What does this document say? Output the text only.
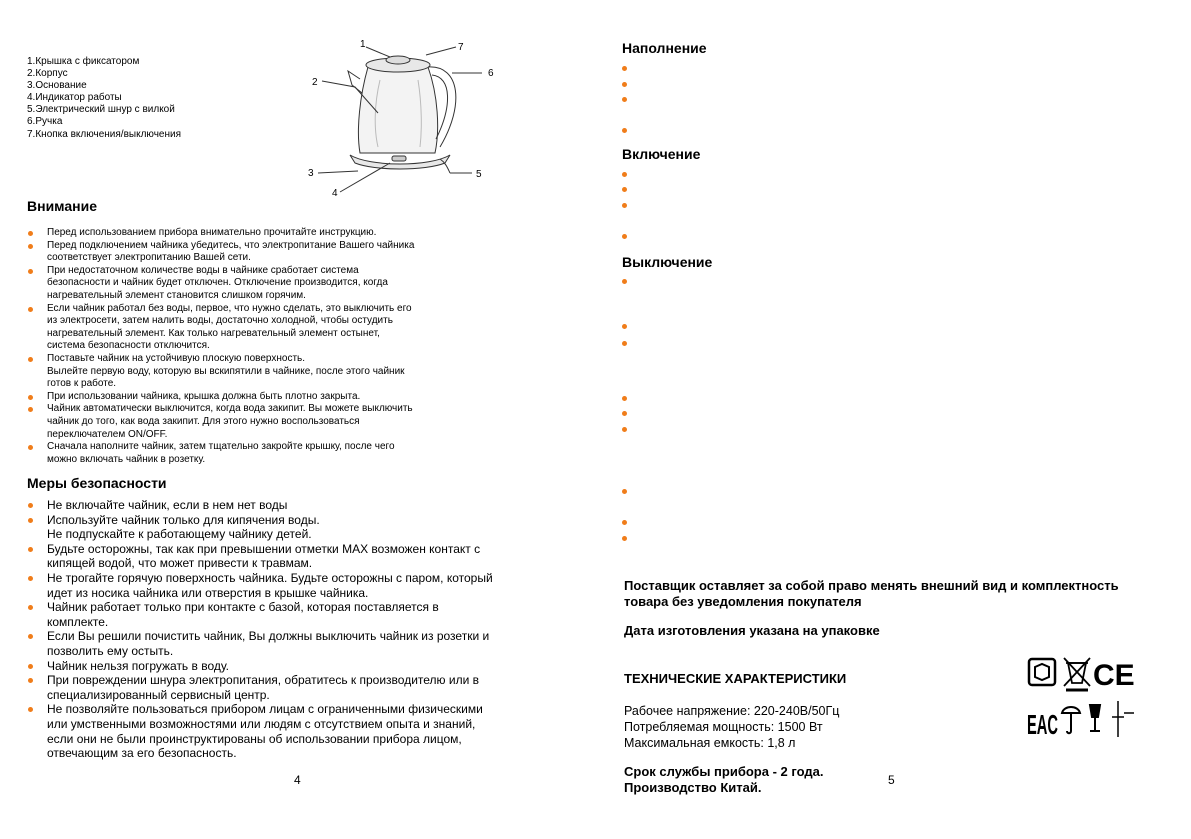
1.Крышка с фиксатором
2.Корпус
3.Основание
4.Индикатор работы
5.Электрический шнур с вилкой
6.Ручка
7.Кнопка включения/выключения
1
2
3
4
5
6
7
Внимание
Перед использованием прибора внимательно прочитайте инструкцию.
Перед подключением чайника убедитесь, что электропитание Вашего чайника
соответствует электропитанию Вашей сети.
При недостаточном количестве воды в чайнике сработает система
безопасности и чайник будет отключен. Отключение производится, когда
нагревательный элемент становится слишком горячим.
Если чайник работал без воды, первое, что нужно сделать, это выключить его
из электросети, затем налить воды, достаточно холодной, чтобы остудить
нагревательный элемент. Как только нагревательный элемент остынет,
система безопасности отключится.
Поставьте чайник на устойчивую плоскую поверхность.
Вылейте первую воду, которую вы вскипятили в чайнике, после этого чайник
готов к работе.
При использовании чайника, крышка должна быть плотно закрыта.
Чайник автоматически выключится, когда вода закипит. Вы можете выключить
чайник до того, как вода закипит. Для этого нужно воспользоваться
переключателем ON/OFF.
Сначала наполните чайник, затем тщательно закройте крышку, после чего
можно включать чайник в розетку.
Меры безопасности
Не включайте чайник, если в нем нет воды
Используйте чайник только для кипячения воды.
Не подпускайте к работающему чайнику детей.
Будьте осторожны, так как при превышении отметки MAX возможен контакт с
кипящей водой, что может привести к травмам.
Не трогайте горячую поверхность чайника. Будьте осторожны с паром, который
идет из носика чайника или отверстия в крышке чайника.
Чайник работает только при контакте с базой, которая поставляется в
комплекте.
Если Вы решили почистить чайник, Вы должны выключить чайник из розетки и
позволить ему остыть.
Чайник нельзя погружать в воду.
При повреждении шнура электропитания, обратитесь к производителю или в
специализированный сервисный центр.
Не позволяйте пользоваться прибором лицам с ограниченными физическими
или умственными возможностями или людям с отсутствием опыта и знаний,
если они не были проинструктированы об использовании прибора лицом,
отвечающим за его безопасность.
4
Наполнение
Включение
Выключение
Поставщик оставляет за собой право менять внешний вид и комплектность
товара без уведомления покупателя
Дата изготовления указана на упаковке
ТЕХНИЧЕСКИЕ ХАРАКТЕРИСТИКИ
Рабочее напряжение: 220-240В/50Гц
Потребляемая мощность: 1500 Вт
Максимальная емкость: 1,8 л
Срок службы прибора - 2 года.
Производство Китай.	5
CE
EAC
